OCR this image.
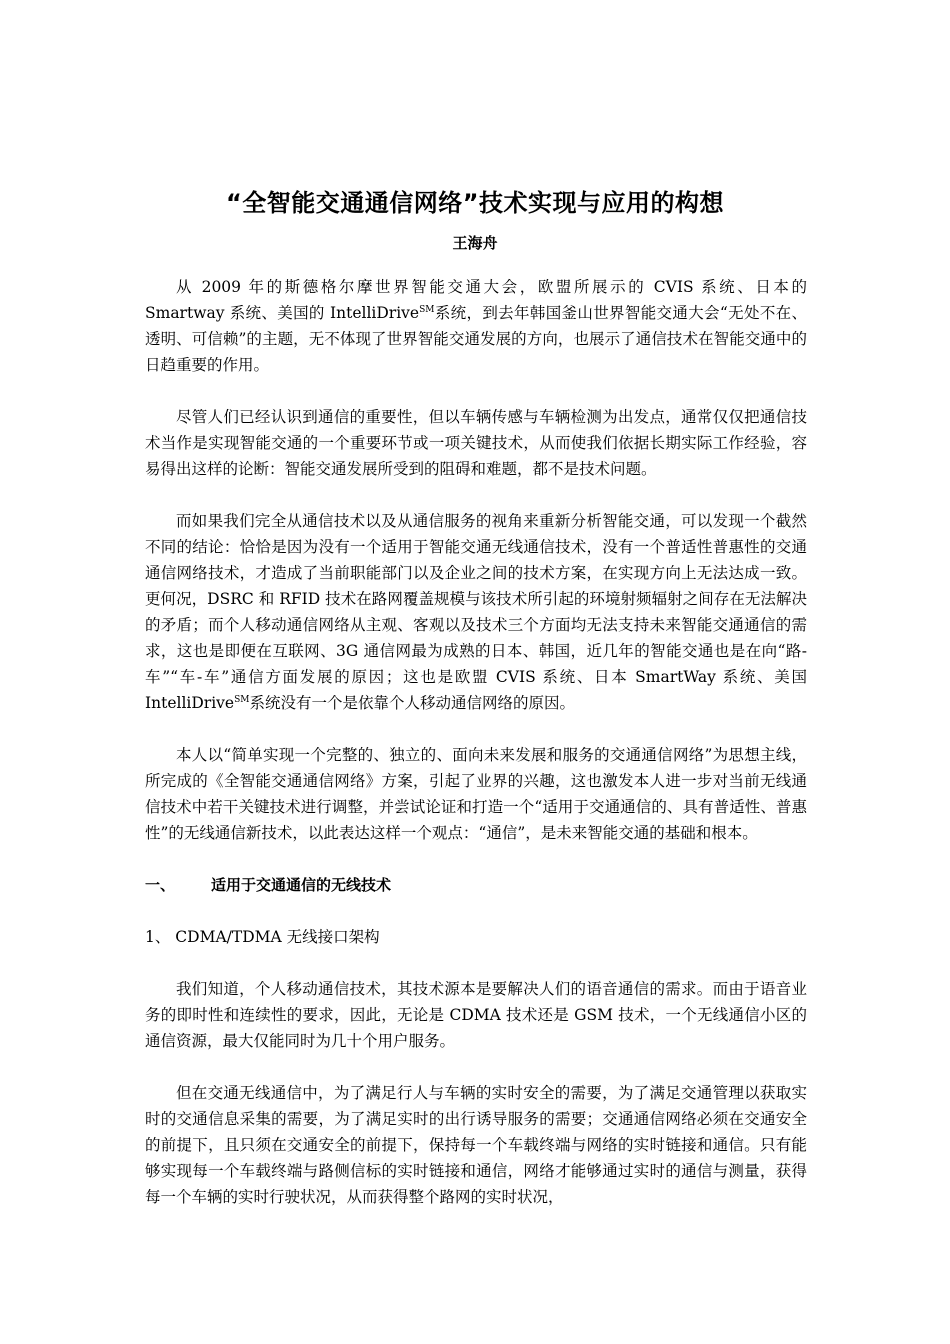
“全智能交通通信网络”技术实现与应用的构想
王海舟

从 2009 年的斯德格尔摩世界智能交通大会，欧盟所展示的 CVIS 系统、日本的 Smartway 系统、美国的 IntelliDrive℠系统，到去年韩国釜山世界智能交通大会“无处不在、透明、可信赖”的主题，无不体现了世界智能交通发展的方向，也展示了通信技术在智能交通中的日趋重要的作用。

尽管人们已经认识到通信的重要性，但以车辆传感与车辆检测为出发点，通常仅仅把通信技术当作是实现智能交通的一个重要环节或一项关键技术，从而使我们依据长期实际工作经验，容易得出这样的论断：智能交通发展所受到的阻碍和难题，都不是技术问题。

而如果我们完全从通信技术以及从通信服务的视角来重新分析智能交通，可以发现一个截然不同的结论：恰恰是因为没有一个适用于智能交通无线通信技术，没有一个普适性普惠性的交通通信网络技术，才造成了当前职能部门以及企业之间的技术方案，在实现方向上无法达成一致。更何况，DSRC 和 RFID 技术在路网覆盖规模与该技术所引起的环境射频辐射之间存在无法解决的矛盾；而个人移动通信网络从主观、客观以及技术三个方面均无法支持未来智能交通通信的需求，这也是即便在互联网、3G 通信网最为成熟的日本、韩国，近几年的智能交通也是在向“路-车”“车-车”通信方面发展的原因；这也是欧盟 CVIS 系统、日本 SmartWay 系统、美国 IntelliDrive℠系统没有一个是依靠个人移动通信网络的原因。

本人以“简单实现一个完整的、独立的、面向未来发展和服务的交通通信网络”为思想主线，所完成的《全智能交通通信网络》方案，引起了业界的兴趣，这也激发本人进一步对当前无线通信技术中若干关键技术进行调整，并尝试论证和打造一个“适用于交通通信的、具有普适性、普惠性”的无线通信新技术，以此表达这样一个观点：“通信”，是未来智能交通的基础和根本。

一、 适用于交通通信的无线技术
1、 CDMA/TDMA 无线接口架构

我们知道，个人移动通信技术，其技术源本是要解决人们的语音通信的需求。而由于语音业务的即时性和连续性的要求，因此，无论是 CDMA 技术还是 GSM 技术，一个无线通信小区的通信资源，最大仅能同时为几十个用户服务。

但在交通无线通信中，为了满足行人与车辆的实时安全的需要，为了满足交通管理以获取实时的交通信息采集的需要，为了满足实时的出行诱导服务的需要；交通通信网络必须在交通安全的前提下，且只须在交通安全的前提下，保持每一个车载终端与网络的实时链接和通信。只有能够实现每一个车载终端与路侧信标的实时链接和通信，网络才能够通过实时的通信与测量，获得每一个车辆的实时行驶状况，从而获得整个路网的实时状况，
